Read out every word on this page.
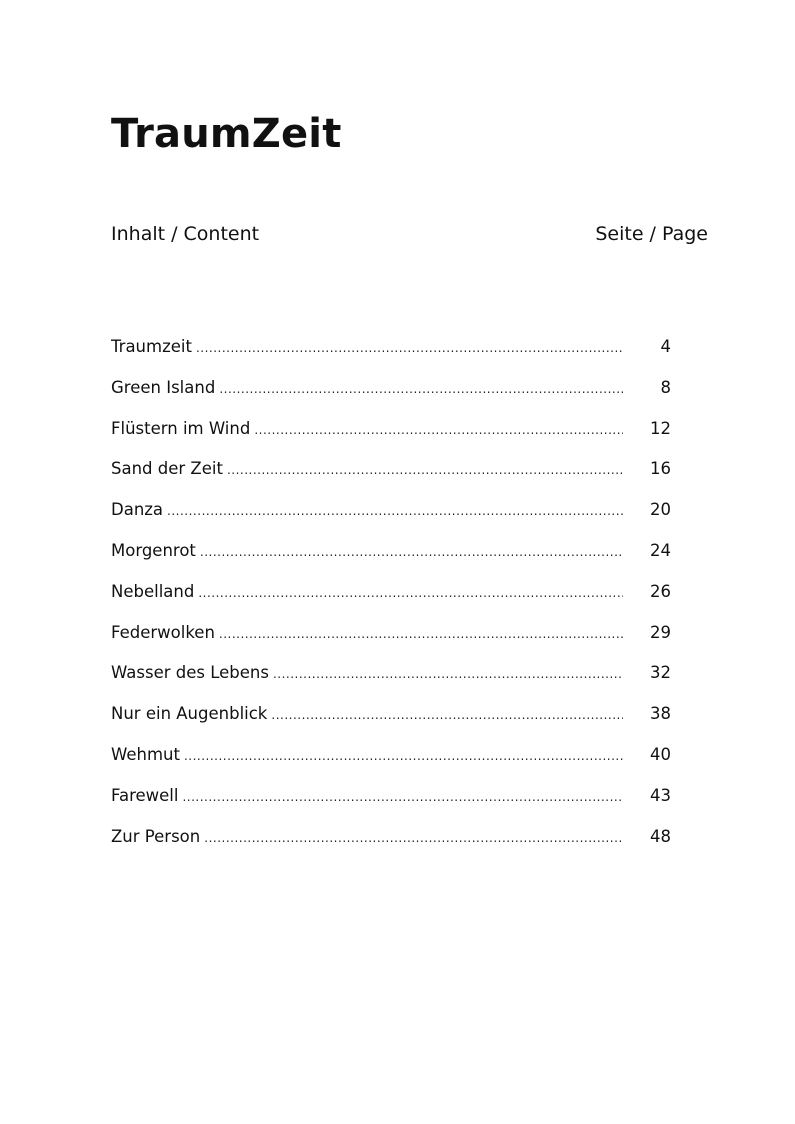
TraumZeit
Inhalt / Content	Seite / Page
Traumzeit .....	4
Green Island .....	8
Flüstern im Wind .....	12
Sand der Zeit .....	16
Danza .....	20
Morgenrot .....	24
Nebelland .....	26
Federwolken .....	29
Wasser des Lebens .....	32
Nur ein Augenblick .....	38
Wehmut .....	40
Farewell .....	43
Zur Person .....	48
